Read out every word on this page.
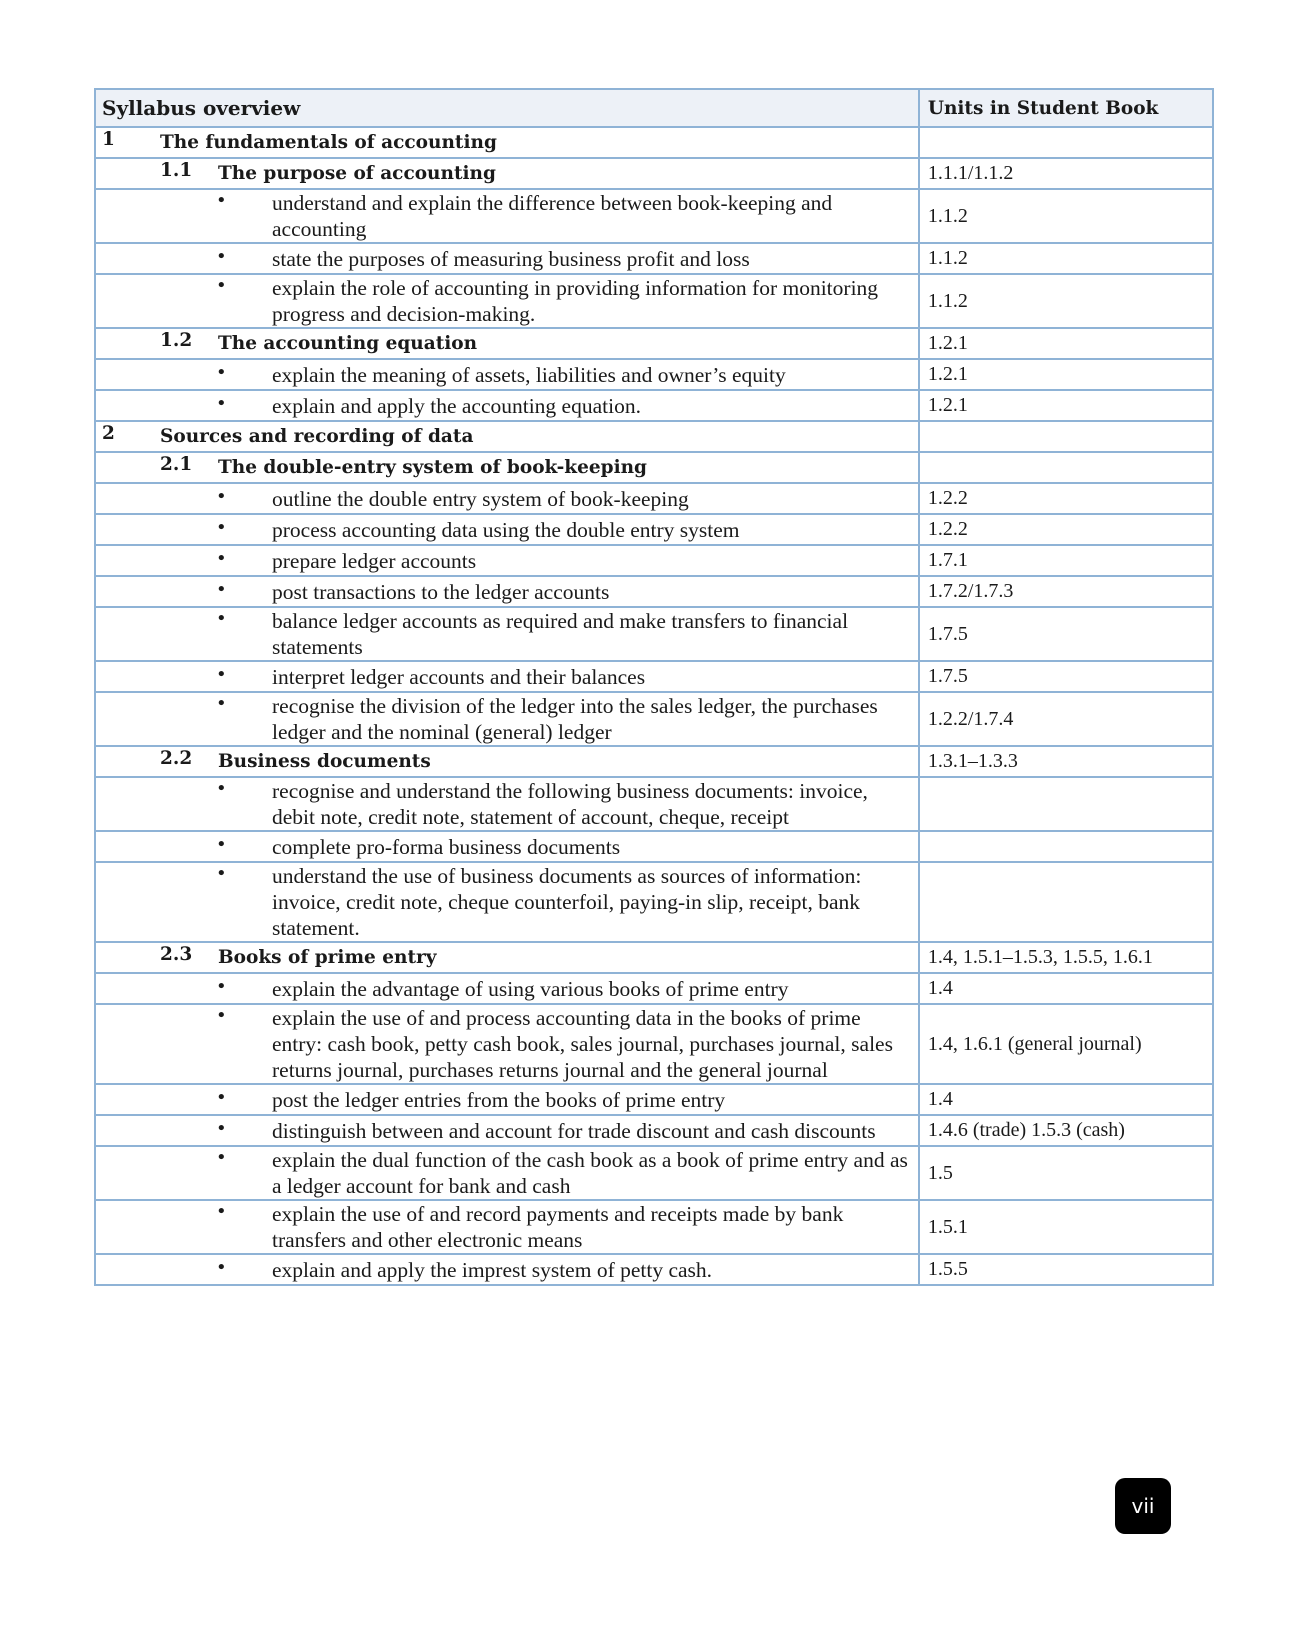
Syllabus overview	Units in Student Book

1 The fundamentals of accounting	

1.1 The purpose of accounting	1.1.1/1.1.2

• understand and explain the difference between book-keeping and accounting	1.1.2

• state the purposes of measuring business profit and loss	1.1.2

• explain the role of accounting in providing information for monitoring progress and decision-making.	1.1.2

1.2 The accounting equation	1.2.1

• explain the meaning of assets, liabilities and owner’s equity	1.2.1

• explain and apply the accounting equation.	1.2.1

2 Sources and recording of data	

2.1 The double-entry system of book-keeping	

• outline the double entry system of book-keeping	1.2.2

• process accounting data using the double entry system	1.2.2

• prepare ledger accounts	1.7.1

• post transactions to the ledger accounts	1.7.2/1.7.3

• balance ledger accounts as required and make transfers to financial statements	1.7.5

• interpret ledger accounts and their balances	1.7.5

• recognise the division of the ledger into the sales ledger, the purchases ledger and the nominal (general) ledger	1.2.2/1.7.4

2.2 Business documents	1.3.1–1.3.3

• recognise and understand the following business documents: invoice, debit note, credit note, statement of account, cheque, receipt	

• complete pro-forma business documents	

• understand the use of business documents as sources of information: invoice, credit note, cheque counterfoil, paying-in slip, receipt, bank statement.	

2.3 Books of prime entry	1.4, 1.5.1–1.5.3, 1.5.5, 1.6.1

• explain the advantage of using various books of prime entry	1.4

• explain the use of and process accounting data in the books of prime entry: cash book, petty cash book, sales journal, purchases journal, sales returns journal, purchases returns journal and the general journal	1.4, 1.6.1 (general journal)

• post the ledger entries from the books of prime entry	1.4

• distinguish between and account for trade discount and cash discounts	1.4.6 (trade) 1.5.3 (cash)

• explain the dual function of the cash book as a book of prime entry and as a ledger account for bank and cash	1.5

• explain the use of and record payments and receipts made by bank transfers and other electronic means	1.5.1

• explain and apply the imprest system of petty cash.	1.5.5
vii
